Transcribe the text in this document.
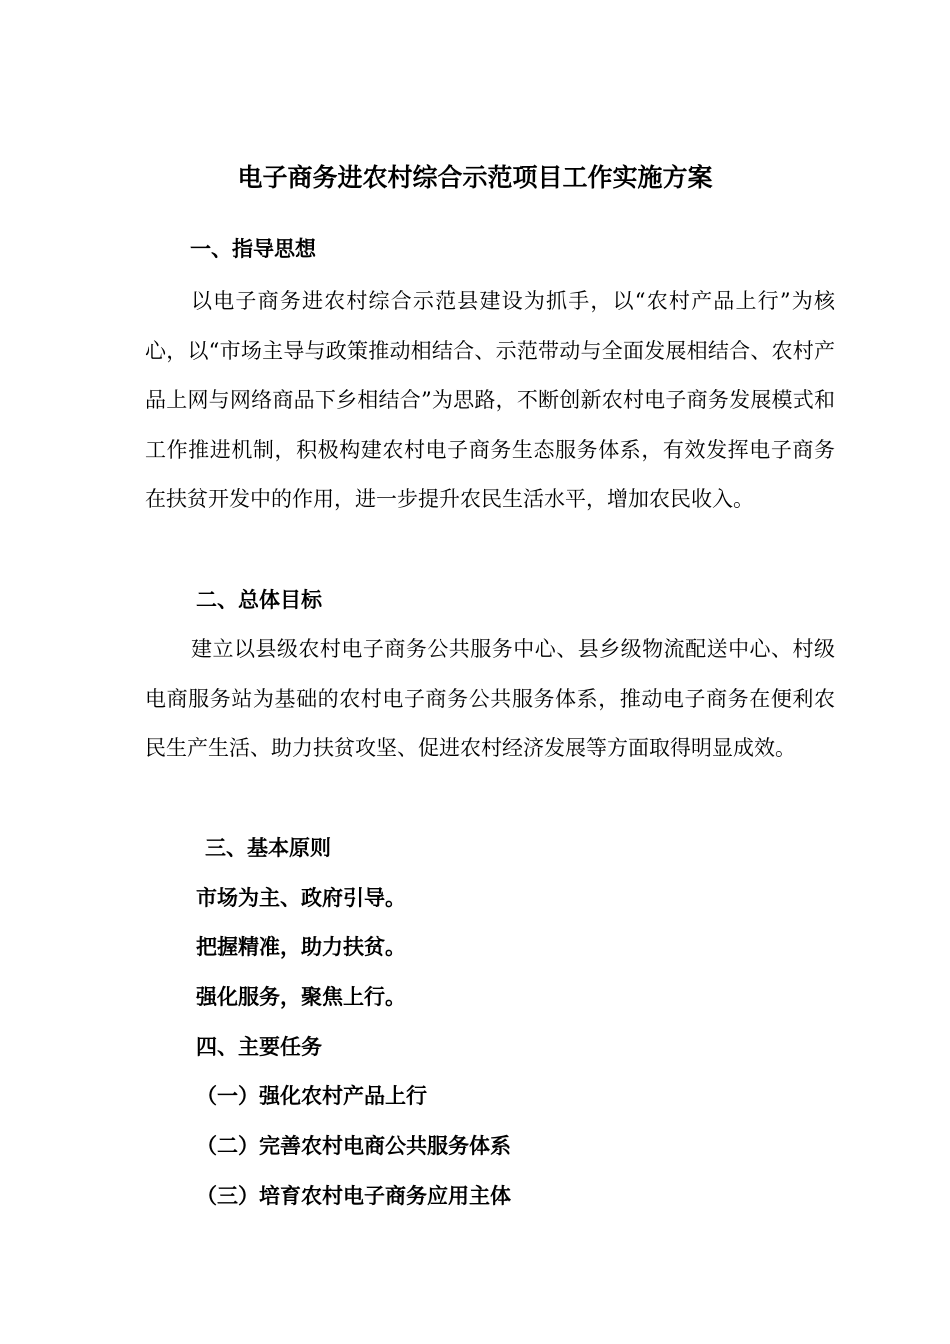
电子商务进农村综合示范项目工作实施方案
一、指导思想

以电子商务进农村综合示范县建设为抓手，以“农村产品上行”为核心，以“市场主导与政策推动相结合、示范带动与全面发展相结合、农村产品上网与网络商品下乡相结合”为思路，不断创新农村电子商务发展模式和工作推进机制，积极构建农村电子商务生态服务体系，有效发挥电子商务在扶贫开发中的作用，进一步提升农民生活水平，增加农民收入。

二、总体目标

建立以县级农村电子商务公共服务中心、县乡级物流配送中心、村级电商服务站为基础的农村电子商务公共服务体系，推动电子商务在便利农民生产生活、助力扶贫攻坚、促进农村经济发展等方面取得明显成效。

三、基本原则
市场为主、政府引导。
把握精准，助力扶贫。
强化服务，聚焦上行。
四、主要任务
（一）强化农村产品上行
（二）完善农村电商公共服务体系
（三）培育农村电子商务应用主体
